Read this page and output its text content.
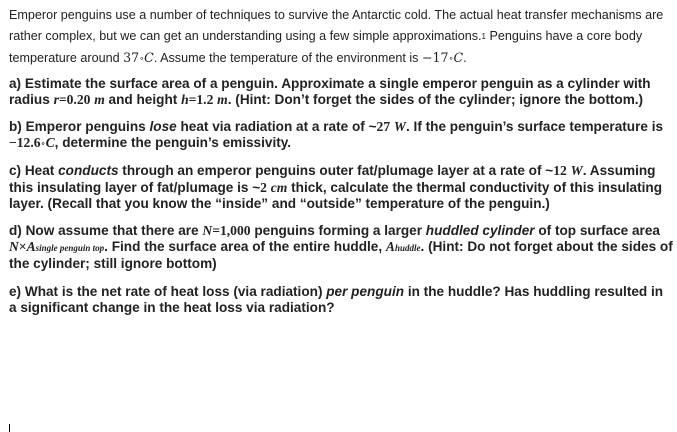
Emperor penguins use a number of techniques to survive the Antarctic cold. The actual heat transfer mechanisms are rather complex, but we can get an understanding using a few simple approximations.1 Penguins have a core body temperature around 37∘C. Assume the temperature of the environment is −17∘C.

a) Estimate the surface area of a penguin. Approximate a single emperor penguin as a cylinder with radius r=0.20 m and height h=1.2 m. (Hint: Don’t forget the sides of the cylinder; ignore the bottom.)

b) Emperor penguins lose heat via radiation at a rate of ~27 W. If the penguin’s surface temperature is −12.6∘C, determine the penguin’s emissivity.

c) Heat conducts through an emperor penguins outer fat/plumage layer at a rate of ~12 W. Assuming this insulating layer of fat/plumage is ~2 cm thick, calculate the thermal conductivity of this insulating layer. (Recall that you know the “inside” and “outside” temperature of the penguin.)

d) Now assume that there are N=1,000 penguins forming a larger huddled cylinder of top surface area N×Asingle penguin top. Find the surface area of the entire huddle, Ahuddle. (Hint: Do not forget about the sides of the cylinder; still ignore bottom)

e) What is the net rate of heat loss (via radiation) per penguin in the huddle? Has huddling resulted in a significant change in the heat loss via radiation?
